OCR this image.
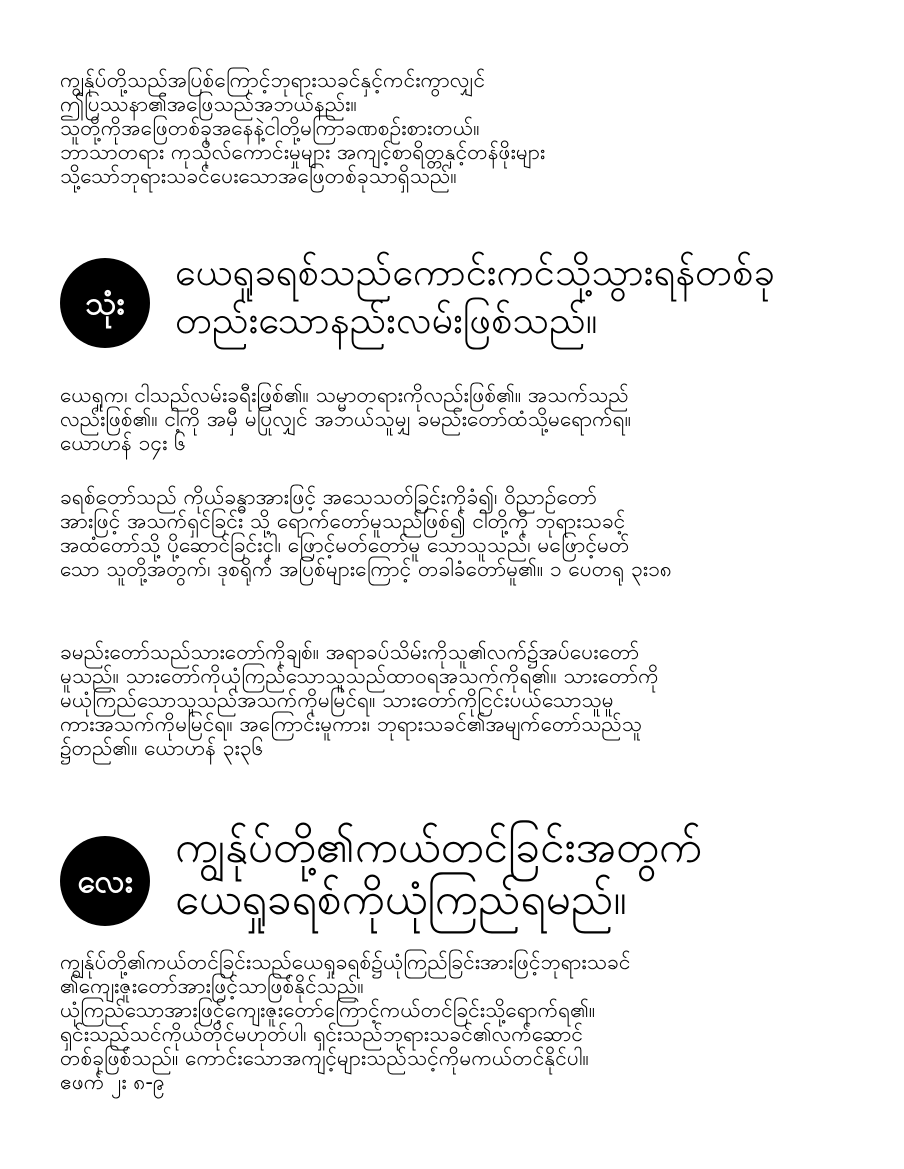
ကျွန်ုပ်တို့သည်အပြစ်ကြောင့်ဘုရားသခင်နှင့်ကင်းကွာလျှင်
ဤပြဿနာ၏အဖြေသည်အဘယ်နည်း။
သူတို့ကိုအဖြေတစ်ခုအနေနဲ့ငါတို့မကြာခဏစဉ်းစားတယ်။
ဘာသာတရား ကုသိုလ်ကောင်းမှုများ အကျင့်စာရိတ္တနှင့်တန်ဖိုးများ
သို့သော်ဘုရားသခင်ပေးသောအဖြေတစ်ခုသာရှိသည်။
သုံး
ယေရှုခရစ်သည်ကောင်းကင်သို့သွားရန်တစ်ခု
တည်းသောနည်းလမ်းဖြစ်သည်။
ယေရှုက၊ ငါသည်လမ်းခရီးဖြစ်၏။ သမ္မာတရားကိုလည်းဖြစ်၏။ အသက်သည်
လည်းဖြစ်၏။ ငါ့ကို အမှီ မပြုလျှင် အဘယ်သူမျှ ခမည်းတော်ထံသို့မရောက်ရ။
ယောဟန် ၁၄း ၆
ခရစ်တော်သည် ကိုယ်ခန္ဓာအားဖြင့် အသေသတ်ခြင်းကိုခံ၍၊ ဝိညာဉ်တော်
အားဖြင့် အသက်ရှင်ခြင်း သို့ ရောက်တော်မူသည်ဖြစ်၍ ငါတို့ကို ဘုရားသခင့်
အထံတော်သို့ ပို့ဆောင်ခြင်းငှါ၊ ဖြောင့်မတ်တော်မူ သောသူသည်၊ မဖြောင့်မတ်
သော သူတို့အတွက်၊ ဒုစရိုက် အပြစ်များကြောင့် တခါခံတော်မူ၏။ ၁ ပေတရု ၃း၁၈
ခမည်းတော်သည်သားတော်ကိုချစ်။ အရာခပ်သိမ်းကိုသူ၏လက်၌အပ်ပေးတော်
မူသည်။ သားတော်ကိုယုံကြည်သောသူသည်ထာဝရအသက်ကိုရ၏။ သားတော်ကို
မယုံကြည်သောသူသည်အသက်ကိုမမြင်ရ။ သားတော်ကိုငြင်းပယ်သောသူမူ
ကားအသက်ကိုမမြင်ရ။ အကြောင်းမူကား၊ ဘုရားသခင်၏အမျက်တော်သည်သူ
၌တည်၏။ ယောဟန် ၃း၃၆
လေး
ကျွန်ုပ်တို့၏ကယ်တင်ခြင်းအတွက်
ယေရှုခရစ်ကိုယုံကြည်ရမည်။
ကျွန်ုပ်တို့၏ကယ်တင်ခြင်းသည်ယေရှုခရစ်၌ယုံကြည်ခြင်းအားဖြင့်ဘုရားသခင်
၏ကျေးဇူးတော်အားဖြင့်သာဖြစ်နိုင်သည်။
ယုံကြည်သောအားဖြင့်ကျေးဇူးတော်ကြောင့်ကယ်တင်ခြင်းသို့ရောက်ရ၏။
ၡင်းသည်သင်ကိုယ်တိုင်မဟုတ်ပါ၊ ၡင်းသည်ဘုရားသခင်၏လက်ဆောင်
တစ်ခုဖြစ်သည်။ ကောင်းသောအကျင့်များသည်သင့်ကိုမကယ်တင်နိုင်ပါ။
ဧဖက် ၂း ၈-၉
